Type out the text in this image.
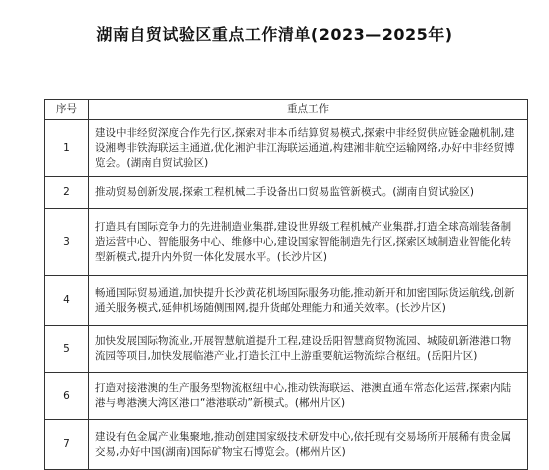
湖南自贸试验区重点工作清单(2023—2025年)
序号	重点工作
1	建设中非经贸深度合作先行区,探索对非本币结算贸易模式,探索中非经贸供应链金融机制,建设湘粤非铁海联运主通道,优化湘沪非江海联运通道,构建湘非航空运输网络,办好中非经贸博览会。(湖南自贸试验区)
2	推动贸易创新发展,探索工程机械二手设备出口贸易监管新模式。(湖南自贸试验区)
3	打造具有国际竞争力的先进制造业集群,建设世界级工程机械产业集群,打造全球高端装备制造运营中心、智能服务中心、维修中心,建设国家智能制造先行区,探索区域制造业智能化转型新模式,提升内外贸一体化发展水平。(长沙片区)
4	畅通国际贸易通道,加快提升长沙黄花机场国际服务功能,推动新开和加密国际货运航线,创新通关服务模式,延伸机场随侧围网,提升货邮处理能力和通关效率。(长沙片区)
5	加快发展国际物流业,开展智慧航道提升工程,建设岳阳智慧商贸物流园、城陵矶新港港口物流园等项目,加快发展临港产业,打造长江中上游重要航运物流综合枢纽。(岳阳片区)
6	打造对接港澳的生产服务型物流枢纽中心,推动铁海联运、港澳直通车常态化运营,探索内陆港与粤港澳大湾区港口“港港联动”新模式。(郴州片区)
7	建设有色金属产业集聚地,推动创建国家级技术研发中心,依托现有交易场所开展稀有贵金属交易,办好中国(湖南)国际矿物宝石博览会。(郴州片区)
